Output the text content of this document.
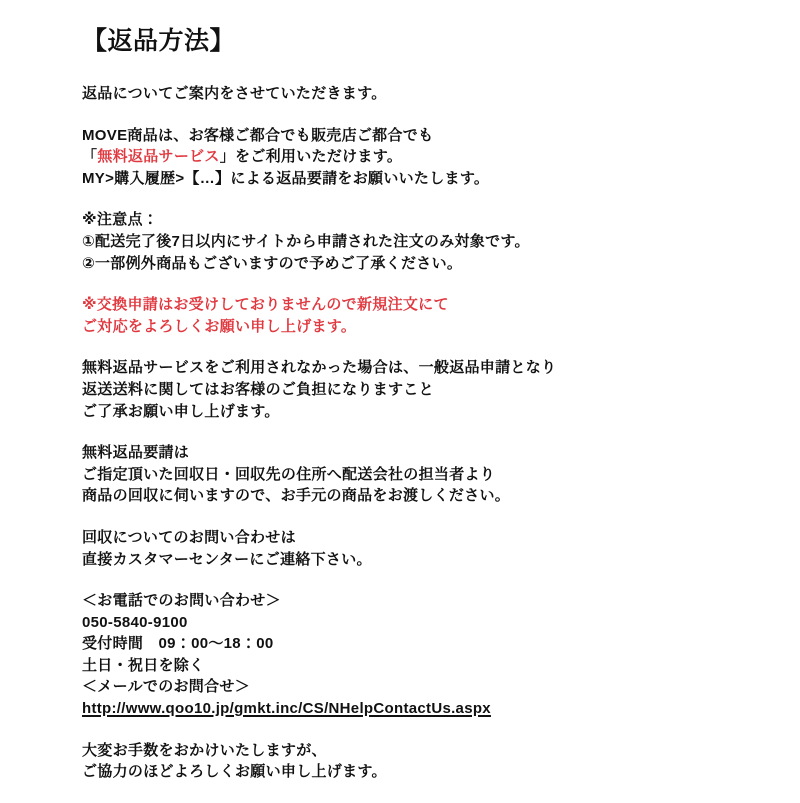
【返品方法】

返品についてご案内をさせていただきます。

MOVE商品は、お客様ご都合でも販売店ご都合でも
「無料返品サービス」をご利用いただけます。
MY>購入履歴>【…】による返品要請をお願いいたします。

※注意点：
①配送完了後7日以内にサイトから申請された注文のみ対象です。
②一部例外商品もございますので予めご了承ください。

※交換申請はお受けしておりませんので新規注文にて
ご対応をよろしくお願い申し上げます。

無料返品サービスをご利用されなかった場合は、一般返品申請となり
返送送料に関してはお客様のご負担になりますこと
ご了承お願い申し上げます。

無料返品要請は
ご指定頂いた回収日・回収先の住所へ配送会社の担当者より
商品の回収に伺いますので、お手元の商品をお渡しください。

回収についてのお問い合わせは
直接カスタマーセンターにご連絡下さい。

＜お電話でのお問い合わせ＞
050-5840-9100
受付時間　09：00〜18：00
土日・祝日を除く
＜メールでのお問合せ＞
http://www.qoo10.jp/gmkt.inc/CS/NHelpContactUs.aspx

大変お手数をおかけいたしますが、
ご協力のほどよろしくお願い申し上げます。
